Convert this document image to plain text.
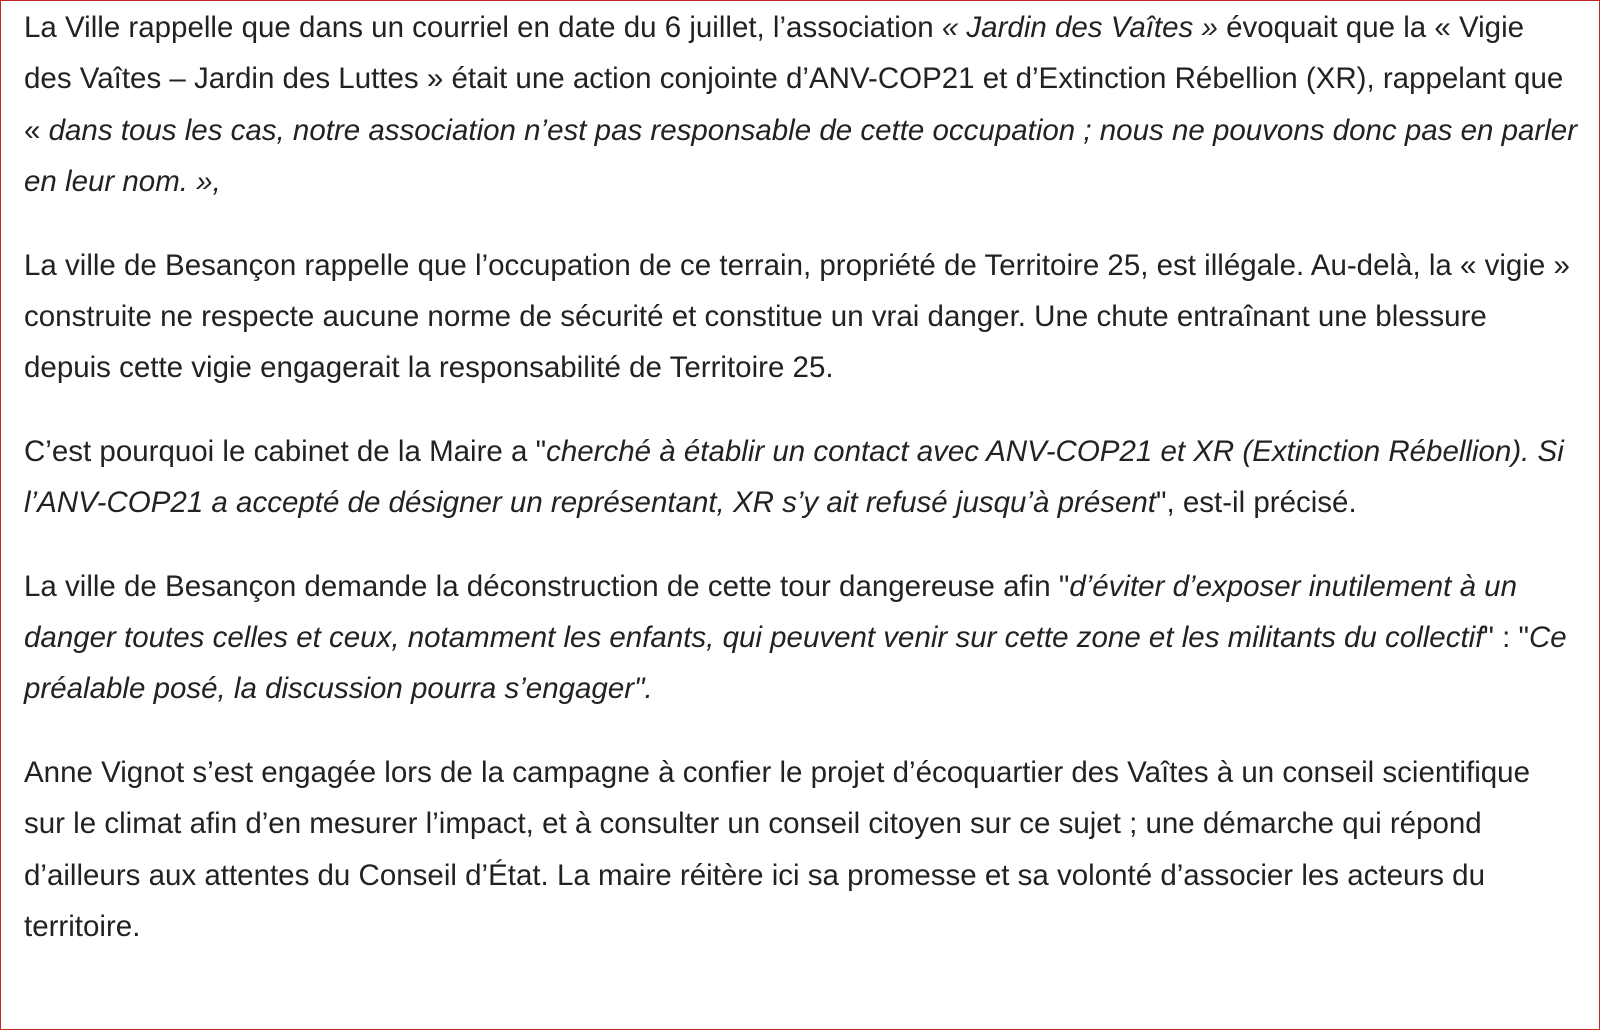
La Ville rappelle que dans un courriel en date du 6 juillet, l’association « Jardin des Vaîtes » évoquait que la « Vigie des Vaîtes – Jardin des Luttes » était une action conjointe d’ANV-COP21 et d’Extinction Rébellion (XR), rappelant que « dans tous les cas, notre association n’est pas responsable de cette occupation ; nous ne pouvons donc pas en parler en leur nom. »,

La ville de Besançon rappelle que l’occupation de ce terrain, propriété de Territoire 25, est illégale. Au-delà, la « vigie » construite ne respecte aucune norme de sécurité et constitue un vrai danger. Une chute entraînant une blessure depuis cette vigie engagerait la responsabilité de Territoire 25.

C’est pourquoi le cabinet de la Maire a "cherché à établir un contact avec ANV-COP21 et XR (Extinction Rébellion). Si l’ANV-COP21 a accepté de désigner un représentant, XR s’y ait refusé jusqu’à présent", est-il précisé.

La ville de Besançon demande la déconstruction de cette tour dangereuse afin "d’éviter d’exposer inutilement à un danger toutes celles et ceux, notamment les enfants, qui peuvent venir sur cette zone et les militants du collectif" : "Ce préalable posé, la discussion pourra s’engager".

Anne Vignot s’est engagée lors de la campagne à confier le projet d’écoquartier des Vaîtes à un conseil scientifique sur le climat afin d’en mesurer l’impact, et à consulter un conseil citoyen sur ce sujet ; une démarche qui répond d’ailleurs aux attentes du Conseil d’État. La maire réitère ici sa promesse et sa volonté d’associer les acteurs du territoire.
